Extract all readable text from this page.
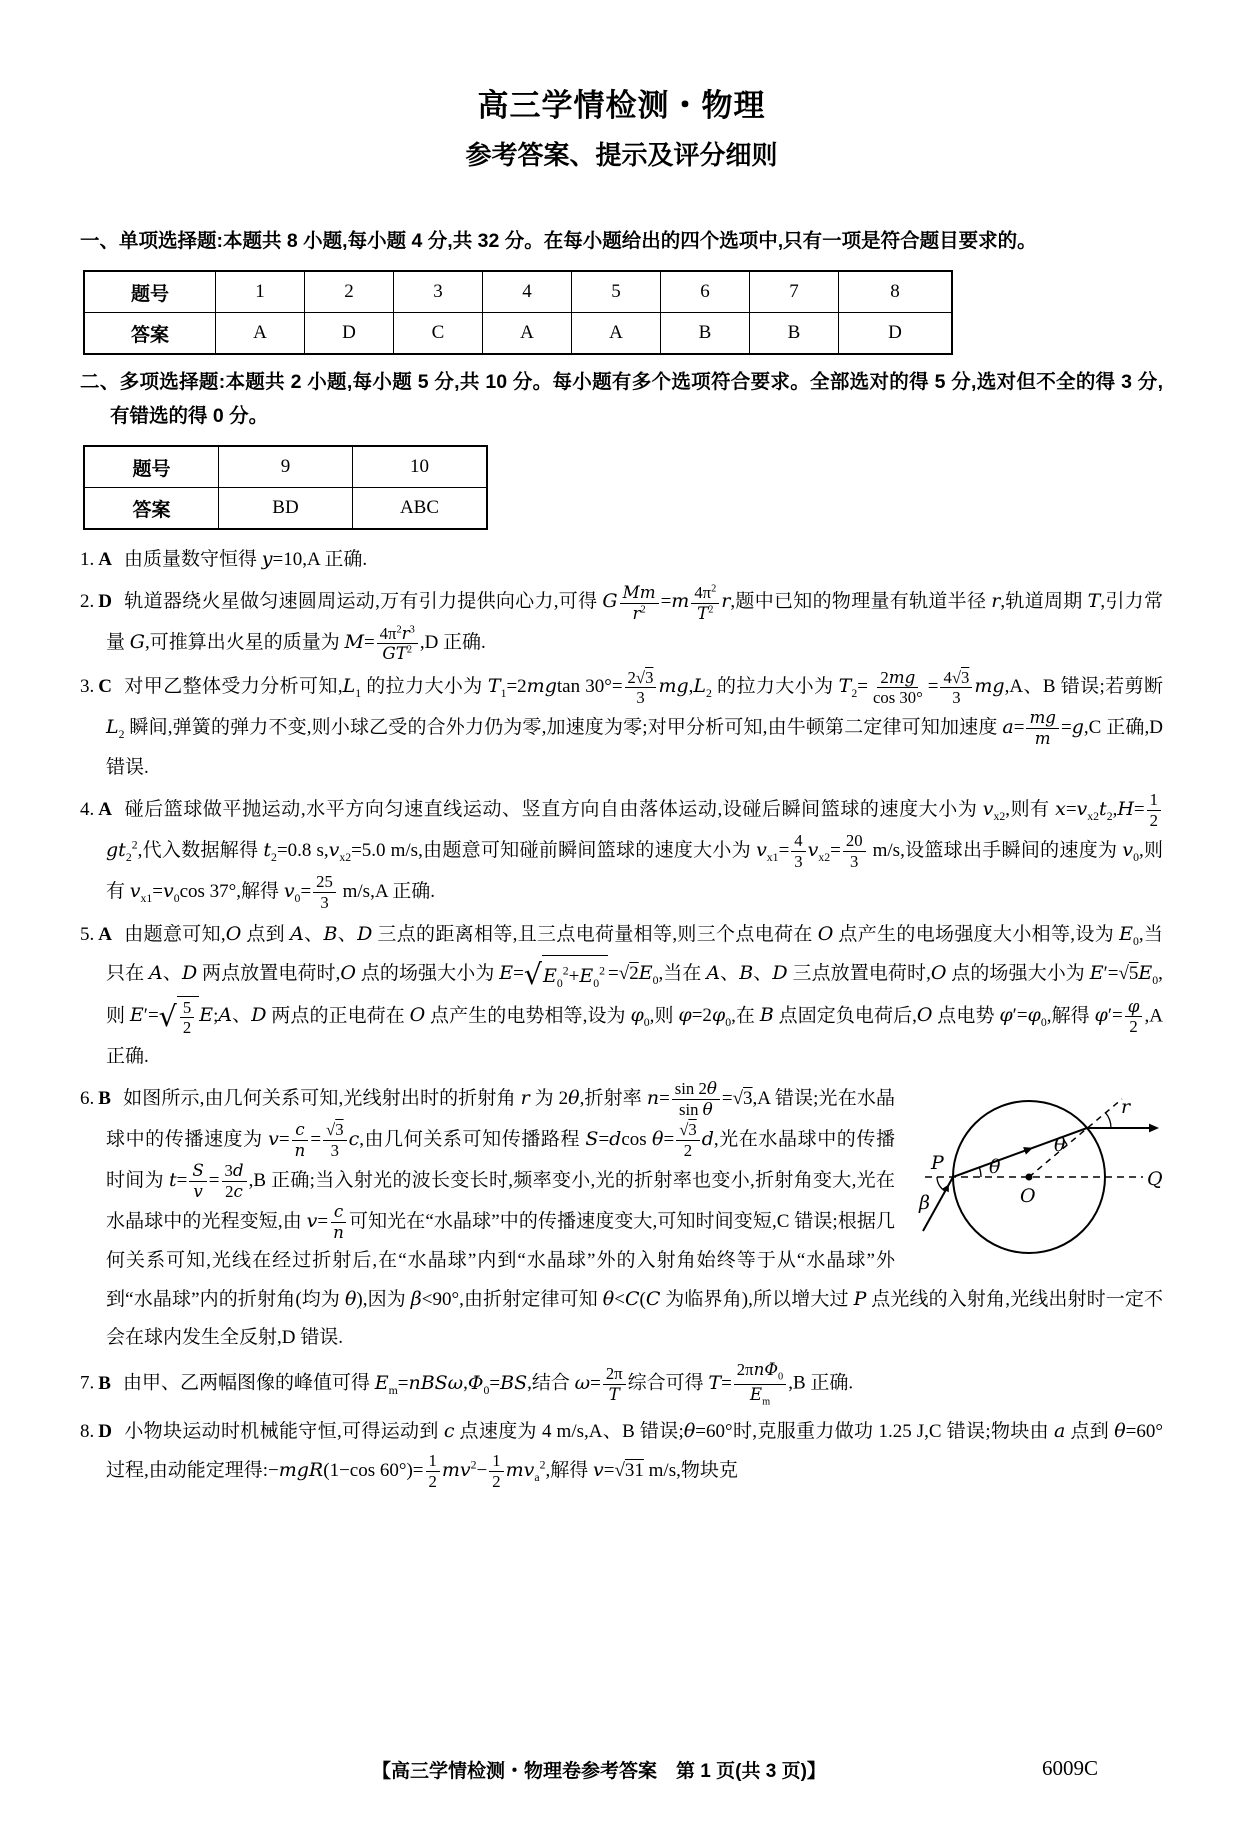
高三学情检测・物理
参考答案、提示及评分细则

一、单项选择题:本题共 8 小题,每小题 4 分,共 32 分。在每小题给出的四个选项中,只有一项是符合题目要求的。

题号	1	2	3	4	5	6	7	8
答案	A	D	C	A	A	B	B	D

二、多项选择题:本题共 2 小题,每小题 5 分,共 10 分。每小题有多个选项符合要求。全部选对的得 5 分,选对但不全的得 3 分,有错选的得 0 分。

题号	9	10
答案	BD	ABC

1. A 由质量数守恒得 y=10,A 正确.

2. D 轨道器绕火星做匀速圆周运动,万有引力提供向心力,可得 G $\frac{Mm}{r^2} =m \frac{4\pi^2}{T^2} r$,题中已知的物理量有轨道半径 r,轨道周期 T,引力常量 G,可推算出火星的质量为 $M= \frac{4\pi^2r^3}{GT^2} ,D$ 正确.

3. C 对甲乙整体受力分析可知$,L_1$ 的拉力大小为 $T_1=2mgtan$ $30^\circ= \frac{2√3}{3} mg,L_2$ 的拉力大小为 $T_2= \frac{2mg}{\cos 30^\circ} = \frac{4√3}{3} mg,A$、B 错误;若剪断 $L_2$ 瞬间,弹簧的弹力不变,则小球乙受的合外力仍为零,加速度为零;对甲分析可知,由牛顿第二定律可知加速度 $a= \frac{mg}{m} =g,C$ 正确,D 错误.

4. A 碰后篮球做平抛运动,水平方向匀速直线运动、竖直方向自由落体运动,设碰后瞬间篮球的速度大小为 $v_{x2}$,则有 $x=v_{x2}t_2,H= \frac{1}{2}$
$gt_2^2$,代入数据解得 $t_2=0.8$ $s,v_{x2}=5.0$ m/s,由题意可知碰前瞬间篮球的速度大小为 $v_{x1}= \frac{4}{3} v_{x2}= \frac{20}{3} m/s$,设篮球出手瞬间的速度为 $v_0$,则有 $v_{x1}=v_0\cos$ 37°,解得 $v_0= \frac{25}{3} m/s,A$ 正确.

5. A 由题意可知,O 点到 A、B、D 三点的距离相等,且三点电荷量相等,则三个点电荷在 O 点产生的电场强度大小相等,设为 $E_0$,当只在 A、D 两点放置电荷时,O 点的场强大小为 E= √ $E_0^2+E_0^2 =√2E_0$,当在 A、B、D 三点放置电荷时,O 点的场强大小为 $E'=√5E_0$,则 E′= √ $\frac{5}{2}$ E;A、D 两点的正电荷在 O 点产生的电势相等,设为 $\varphi_0$,则 $\varphi=2\varphi_0$,在 B 点固定负电荷后,O 点电势 $\varphi'=\varphi_0$,解得 $\varphi'= \frac{\varphi}{2} ,A$ 正确.

P
Q
O
θ
θ
β
r
6. B 如图所示,由几何关系可知,光线射出时的折射角 r 为 2θ,折射率 $n= \frac{\sin 2\theta}{\text{sin θ}} =√3,A$ 错误;光在水晶球中的传播速度为 $v= \frac{c}{n} = \frac{√3}{3} c$,由几何关系可知传播路程 S=dcos $\theta= \frac{√3}{2} d$,光在水晶球中的传播时间为 $t= \frac{S}{v} = \frac{3d}{2c} ,B$ 正确;当入射光的波长变长时,频率变小,光的折射率也变小,折射角变大,光在水晶球中的光程变短,由 $v= \frac{c}{n}$ 可知光在“水晶球”中的传播速度变大,可知时间变短,C 错误;根据几何关系可知,光线在经过折射后,在“水晶球”内到“水晶球”外的入射角始终等于从“水晶球”外到“水晶球”内的折射角(均为 θ),因为 β<90°,由折射定律可知 θ<C(C 为临界角),所以增大过 P 点光线的入射角,光线出射时一定不会在球内发生全反射,D 错误.

7. B 由甲、乙两幅图像的峰值可得 $E_m=nBS\omega,\Phi_0=BS$,结合 $\omega= \frac{2\pi}{T}$ 综合可得 $T= \frac{2\pi n\Phi_0}{E_m} ,B$ 正确.

8. D 小物块运动时机械能守恒,可得运动到 c 点速度为 4 m/s,A、B 错误;θ=60°时,克服重力做功 1.25 J,C 错误;物块由 a 点到 θ=60°过程,由动能定理得:−mgR(1−cos $60^\circ)= \frac{1}{2} mv^2- \frac{1}{2} mv_a^2$,解得 v=√31 m/s,物块克

【高三学情检测・物理卷参考答案　第 1 页(共 3 页)】	6009C
